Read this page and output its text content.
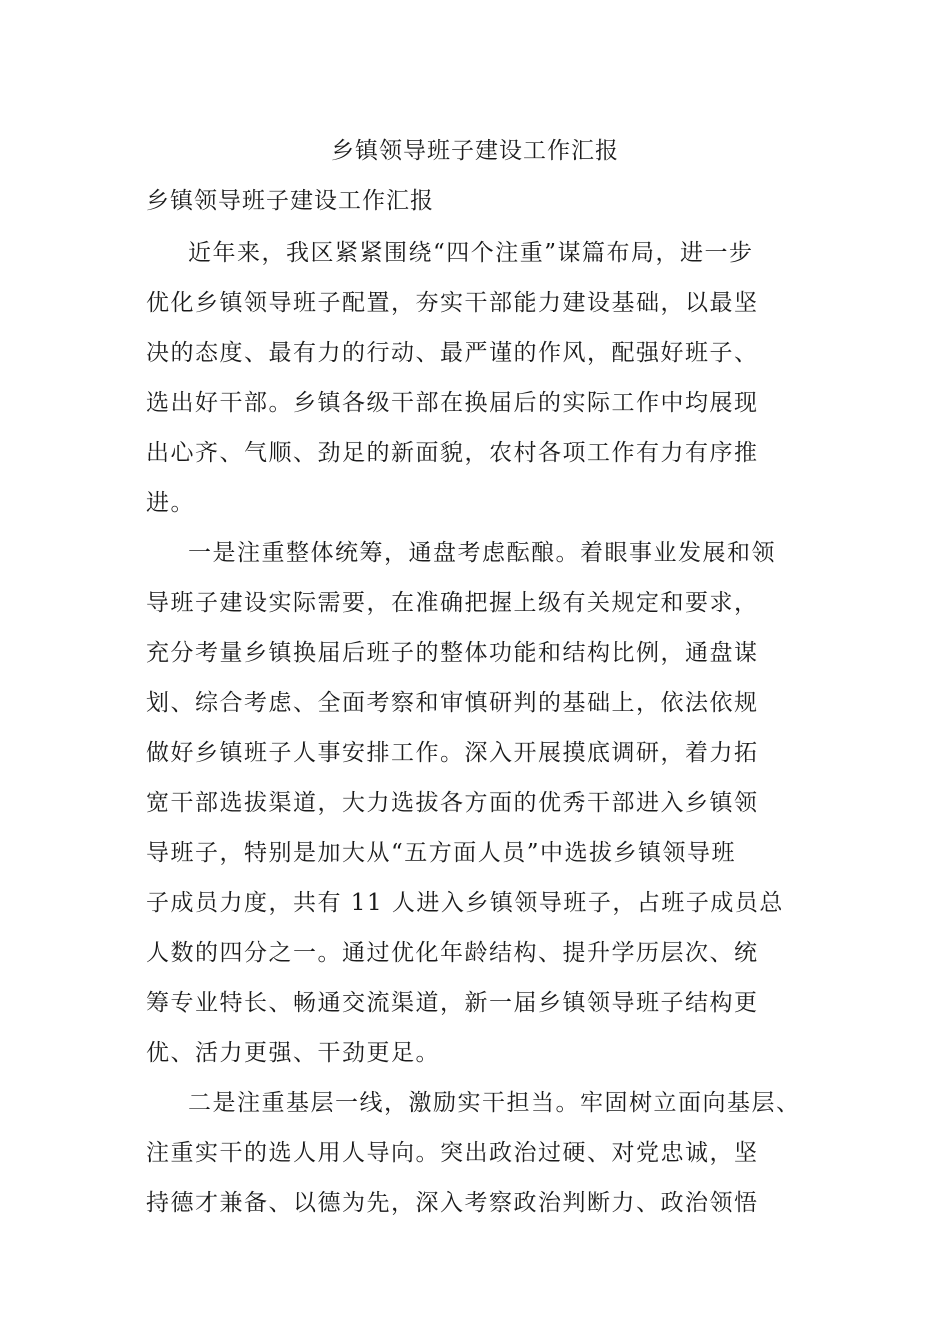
乡镇领导班子建设工作汇报
乡镇领导班子建设工作汇报
近年来，我区紧紧围绕“四个注重”谋篇布局，进一步
优化乡镇领导班子配置，夯实干部能力建设基础，以最坚
决的态度、最有力的行动、最严谨的作风，配强好班子、
选出好干部。乡镇各级干部在换届后的实际工作中均展现
出心齐、气顺、劲足的新面貌，农村各项工作有力有序推
进。
一是注重整体统筹，通盘考虑酝酿。着眼事业发展和领
导班子建设实际需要，在准确把握上级有关规定和要求，
充分考量乡镇换届后班子的整体功能和结构比例，通盘谋
划、综合考虑、全面考察和审慎研判的基础上，依法依规
做好乡镇班子人事安排工作。深入开展摸底调研，着力拓
宽干部选拔渠道，大力选拔各方面的优秀干部进入乡镇领
导班子，特别是加大从“五方面人员”中选拔乡镇领导班
子成员力度，共有 11 人进入乡镇领导班子，占班子成员总
人数的四分之一。通过优化年龄结构、提升学历层次、统
筹专业特长、畅通交流渠道，新一届乡镇领导班子结构更
优、活力更强、干劲更足。
二是注重基层一线，激励实干担当。牢固树立面向基层、
注重实干的选人用人导向。突出政治过硬、对党忠诚，坚
持德才兼备、以德为先，深入考察政治判断力、政治领悟
